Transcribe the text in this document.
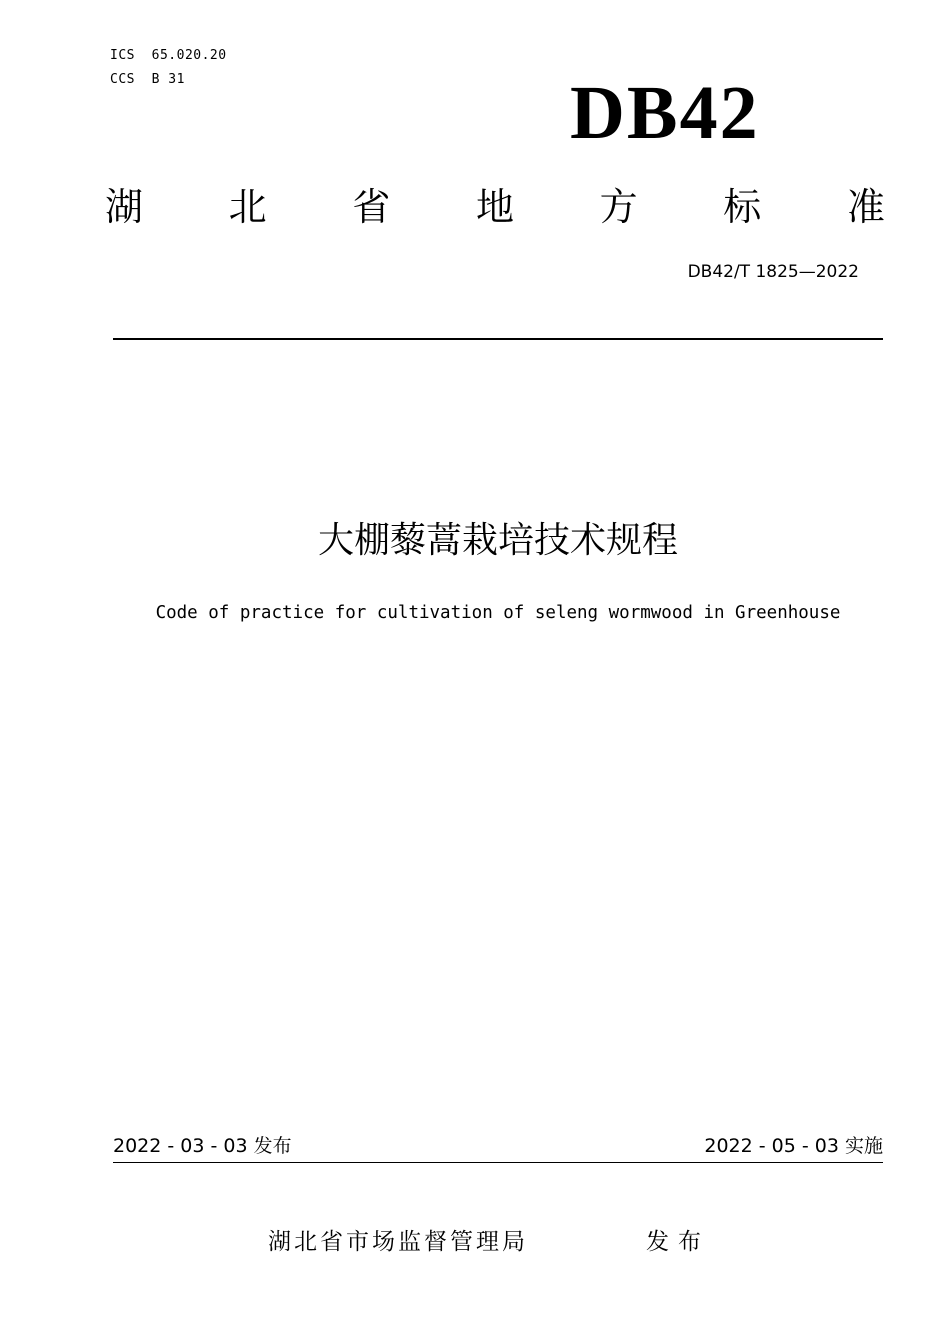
ICS  65.020.20
CCS  B 31	DB42
湖 北 省 地 方 标 准
DB42/T 1825—2022
大棚藜蒿栽培技术规程
Code of practice for cultivation of seleng wormwood in Greenhouse
2022 - 03 - 03 发布	2022 - 05 - 03 实施
湖北省市场监督管理局	发布
